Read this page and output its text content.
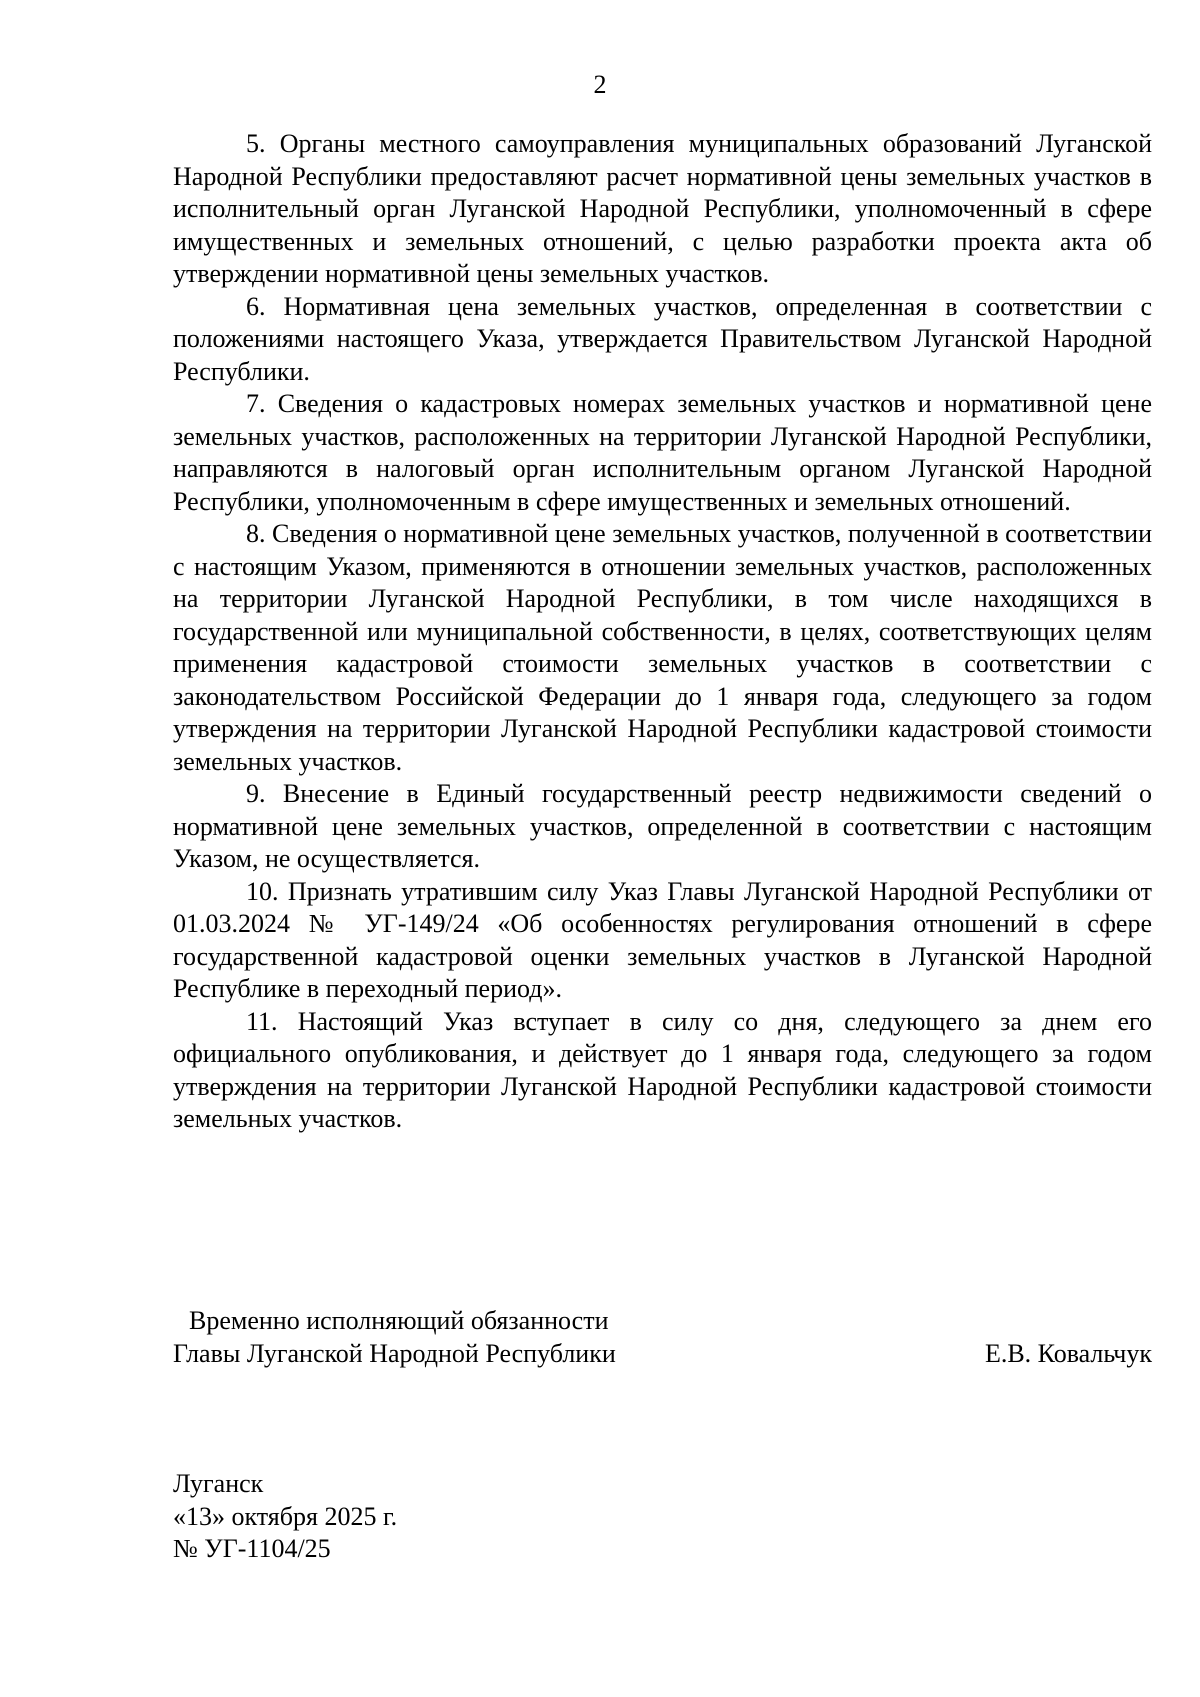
2

5. Органы местного самоуправления муниципальных образований Луганской Народной Республики предоставляют расчет нормативной цены земельных участков в исполнительный орган Луганской Народной Республики, уполномоченный в сфере имущественных и земельных отношений, с целью разработки проекта акта об утверждении нормативной цены земельных участков.

6. Нормативная цена земельных участков, определенная в соответствии с положениями настоящего Указа, утверждается Правительством Луганской Народной Республики.

7. Сведения о кадастровых номерах земельных участков и нормативной цене земельных участков, расположенных на территории Луганской Народной Республики, направляются в налоговый орган исполнительным органом Луганской Народной Республики, уполномоченным в сфере имущественных и земельных отношений.

8. Сведения о нормативной цене земельных участков, полученной в соответствии с настоящим Указом, применяются в отношении земельных участков, расположенных на территории Луганской Народной Республики, в том числе находящихся в государственной или муниципальной собственности, в целях, соответствующих целям применения кадастровой стоимости земельных участков в соответствии с законодательством Российской Федерации до 1 января года, следующего за годом утверждения на территории Луганской Народной Республики кадастровой стоимости земельных участков.

9. Внесение в Единый государственный реестр недвижимости сведений о нормативной цене земельных участков, определенной в соответствии с настоящим Указом, не осуществляется.

10. Признать утратившим силу Указ Главы Луганской Народной Республики от 01.03.2024 № УГ-149/24 «Об особенностях регулирования отношений в сфере государственной кадастровой оценки земельных участков в Луганской Народной Республике в переходный период».

11. Настоящий Указ вступает в силу со дня, следующего за днем его официального опубликования, и действует до 1 января года, следующего за годом утверждения на территории Луганской Народной Республики кадастровой стоимости земельных участков.

Временно исполняющий обязанности
Главы Луганской Народной Республики	Е.В. Ковальчук
Луганск
«13» октября 2025 г.
№ УГ-1104/25
